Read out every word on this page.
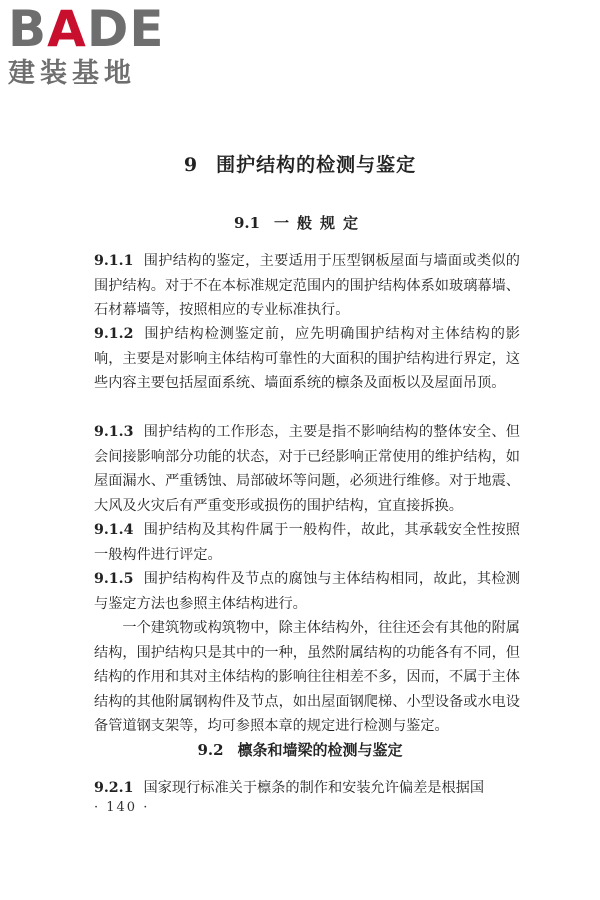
BADE
建装基地
9 围护结构的检测与鉴定
9.1 一般规定
9.1.1 围护结构的鉴定，主要适用于压型钢板屋面与墙面或类似的围护结构。对于不在本标准规定范围内的围护结构体系如玻璃幕墙、石材幕墙等，按照相应的专业标准执行。
9.1.2 围护结构检测鉴定前，应先明确围护结构对主体结构的影响，主要是对影响主体结构可靠性的大面积的围护结构进行界定，这些内容主要包括屋面系统、墙面系统的檩条及面板以及屋面吊顶。
9.1.3 围护结构的工作形态，主要是指不影响结构的整体安全、但会间接影响部分功能的状态，对于已经影响正常使用的维护结构，如屋面漏水、严重锈蚀、局部破坏等问题，必须进行维修。对于地震、大风及火灾后有严重变形或损伤的围护结构，宜直接拆换。
9.1.4 围护结构及其构件属于一般构件，故此，其承载安全性按照一般构件进行评定。
9.1.5 围护结构构件及节点的腐蚀与主体结构相同，故此，其检测与鉴定方法也参照主体结构进行。
一个建筑物或构筑物中，除主体结构外，往往还会有其他的附属结构，围护结构只是其中的一种，虽然附属结构的功能各有不同，但结构的作用和其对主体结构的影响往往相差不多，因而，不属于主体结构的其他附属钢构件及节点，如出屋面钢爬梯、小型设备或水电设备管道钢支架等，均可参照本章的规定进行检测与鉴定。
9.2 檩条和墙梁的检测与鉴定
9.2.1 国家现行标准关于檩条的制作和安装允许偏差是根据国
· 140 ·
